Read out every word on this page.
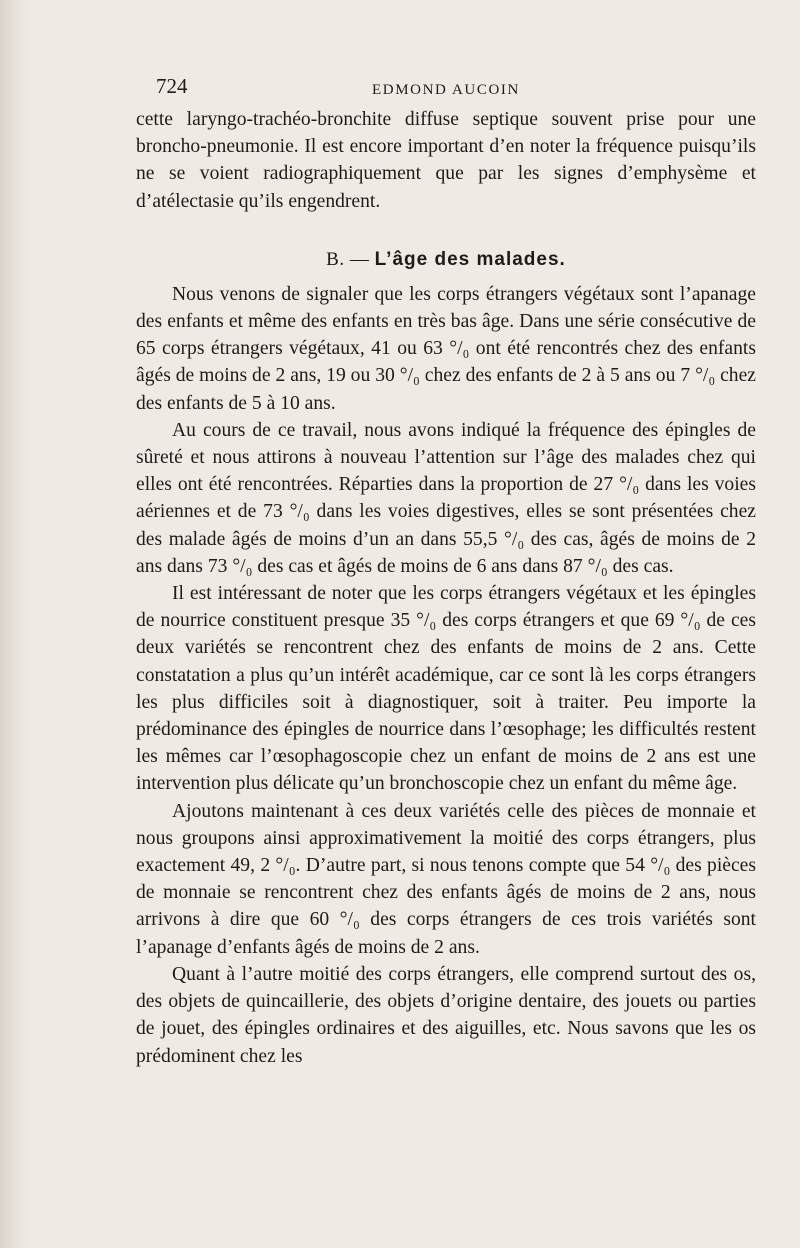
724	EDMOND AUCOIN

cette laryngo-trachéo-bronchite diffuse septique souvent prise pour une broncho-pneumonie. Il est encore important d’en noter la fréquence puisqu’ils ne se voient radiographiquement que par les signes d’emphysème et d’atélectasie qu’ils engendrent.

B. — L’âge des malades.

Nous venons de signaler que les corps étrangers végétaux sont l’apanage des enfants et même des enfants en très bas âge. Dans une série consécutive de 65 corps étrangers végétaux, 41 ou 63 °/₀ ont été rencontrés chez des enfants âgés de moins de 2 ans, 19 ou 30 °/₀ chez des enfants de 2 à 5 ans ou 7 °/₀ chez des enfants de 5 à 10 ans.

Au cours de ce travail, nous avons indiqué la fréquence des épingles de sûreté et nous attirons à nouveau l’attention sur l’âge des malades chez qui elles ont été rencontrées. Réparties dans la proportion de 27 °/₀ dans les voies aériennes et de 73 °/₀ dans les voies digestives, elles se sont présentées chez des malade âgés de moins d’un an dans 55,5 °/₀ des cas, âgés de moins de 2 ans dans 73 °/₀ des cas et âgés de moins de 6 ans dans 87 °/₀ des cas.

Il est intéressant de noter que les corps étrangers végétaux et les épingles de nourrice constituent presque 35 °/₀ des corps étrangers et que 69 °/₀ de ces deux variétés se rencontrent chez des enfants de moins de 2 ans. Cette constatation a plus qu’un intérêt académique, car ce sont là les corps étrangers les plus difficiles soit à diagnostiquer, soit à traiter. Peu importe la prédominance des épingles de nourrice dans l’œsophage; les difficultés restent les mêmes car l’œsophagoscopie chez un enfant de moins de 2 ans est une intervention plus délicate qu’un bronchoscopie chez un enfant du même âge.

Ajoutons maintenant à ces deux variétés celle des pièces de monnaie et nous groupons ainsi approximativement la moitié des corps étrangers, plus exactement 49, 2 °/₀. D’autre part, si nous tenons compte que 54 °/₀ des pièces de monnaie se rencontrent chez des enfants âgés de moins de 2 ans, nous arrivons à dire que 60 °/₀ des corps étrangers de ces trois variétés sont l’apanage d’enfants âgés de moins de 2 ans.

Quant à l’autre moitié des corps étrangers, elle comprend surtout des os, des objets de quincaillerie, des objets d’origine dentaire, des jouets ou parties de jouet, des épingles ordinaires et des aiguilles, etc. Nous savons que les os prédominent chez les
